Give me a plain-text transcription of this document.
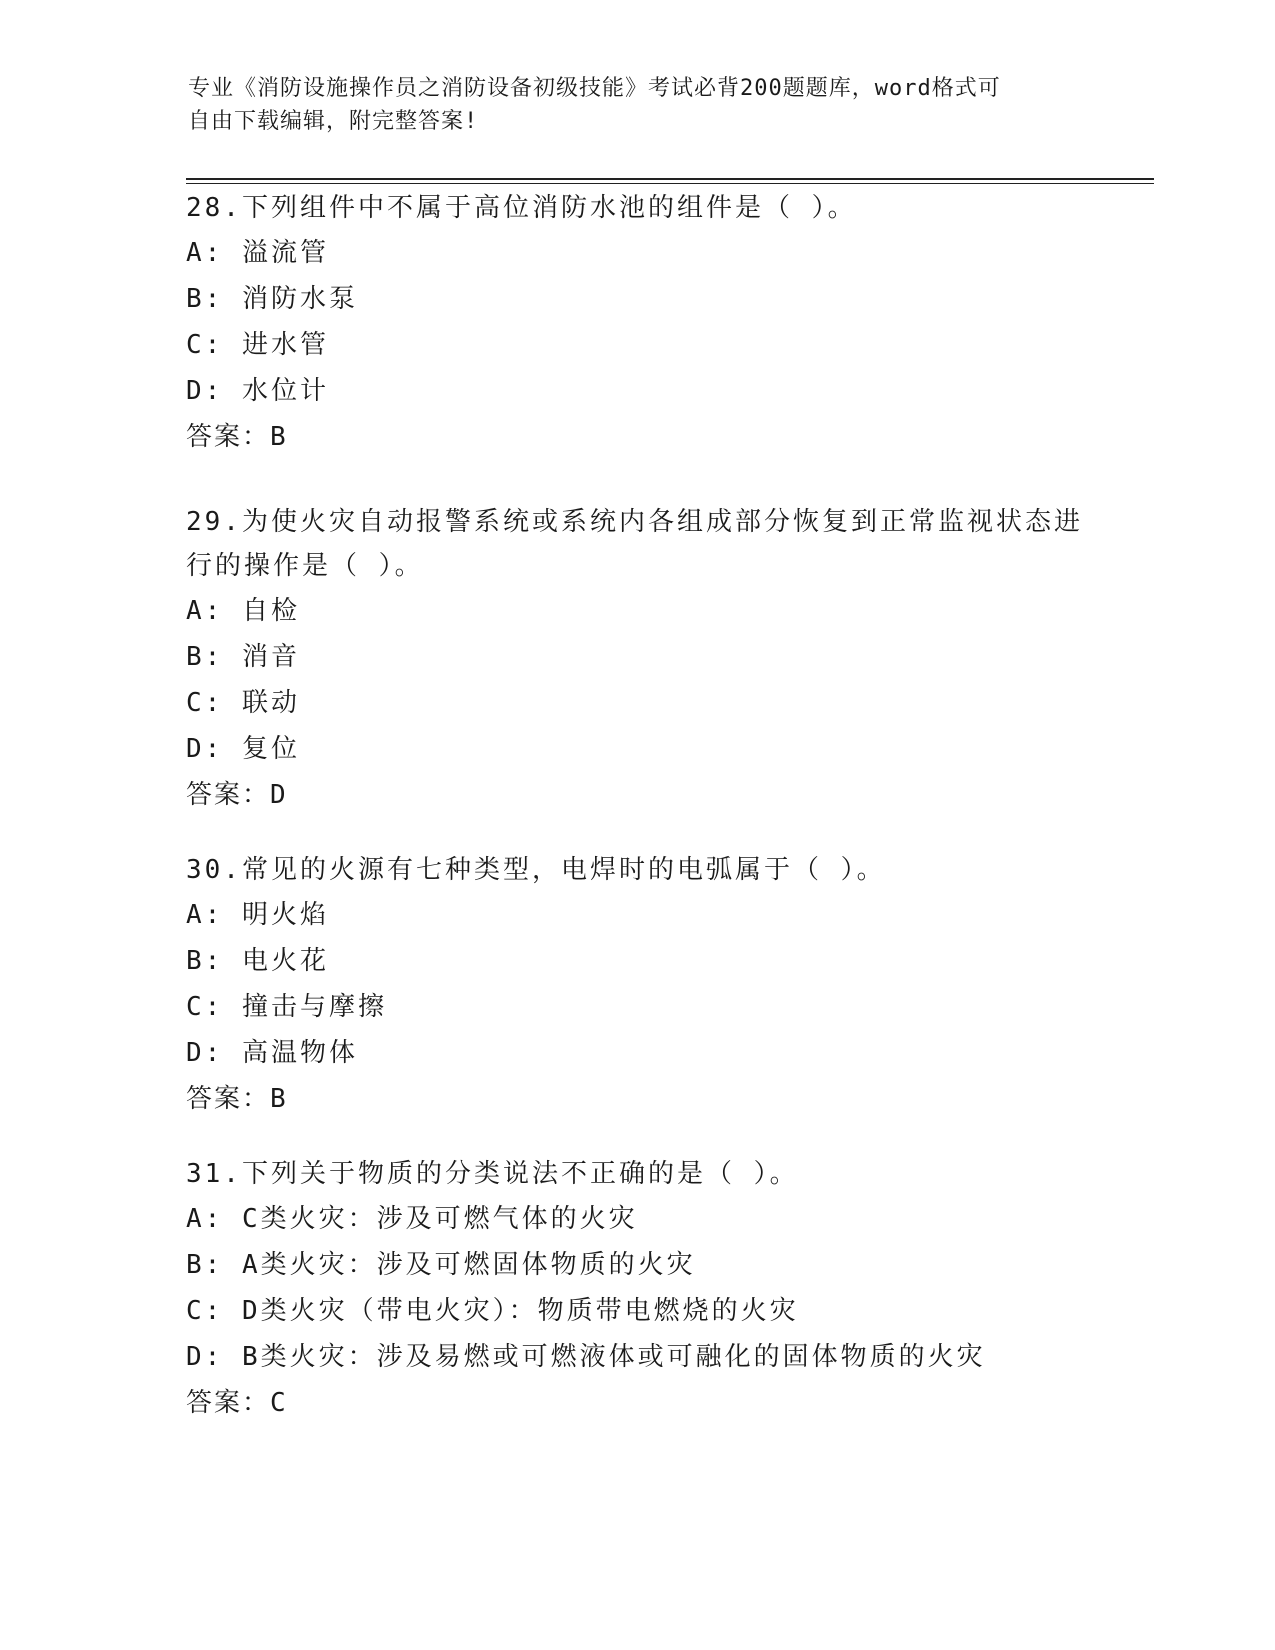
专业《消防设施操作员之消防设备初级技能》考试必背200题题库，word格式可
自由下载编辑，附完整答案!
28.下列组件中不属于高位消防水池的组件是（ ）。
A: 溢流管
B: 消防水泵
C: 进水管
D: 水位计
答案：B
29.为使火灾自动报警系统或系统内各组成部分恢复到正常监视状态进
行的操作是（ ）。
A: 自检
B: 消音
C: 联动
D: 复位
答案：D
30.常见的火源有七种类型，电焊时的电弧属于（ ）。
A: 明火焰
B: 电火花
C: 撞击与摩擦
D: 高温物体
答案：B
31.下列关于物质的分类说法不正确的是（ ）。
A: C类火灾：涉及可燃气体的火灾
B: A类火灾：涉及可燃固体物质的火灾
C: D类火灾（带电火灾）：物质带电燃烧的火灾
D: B类火灾：涉及易燃或可燃液体或可融化的固体物质的火灾
答案：C
